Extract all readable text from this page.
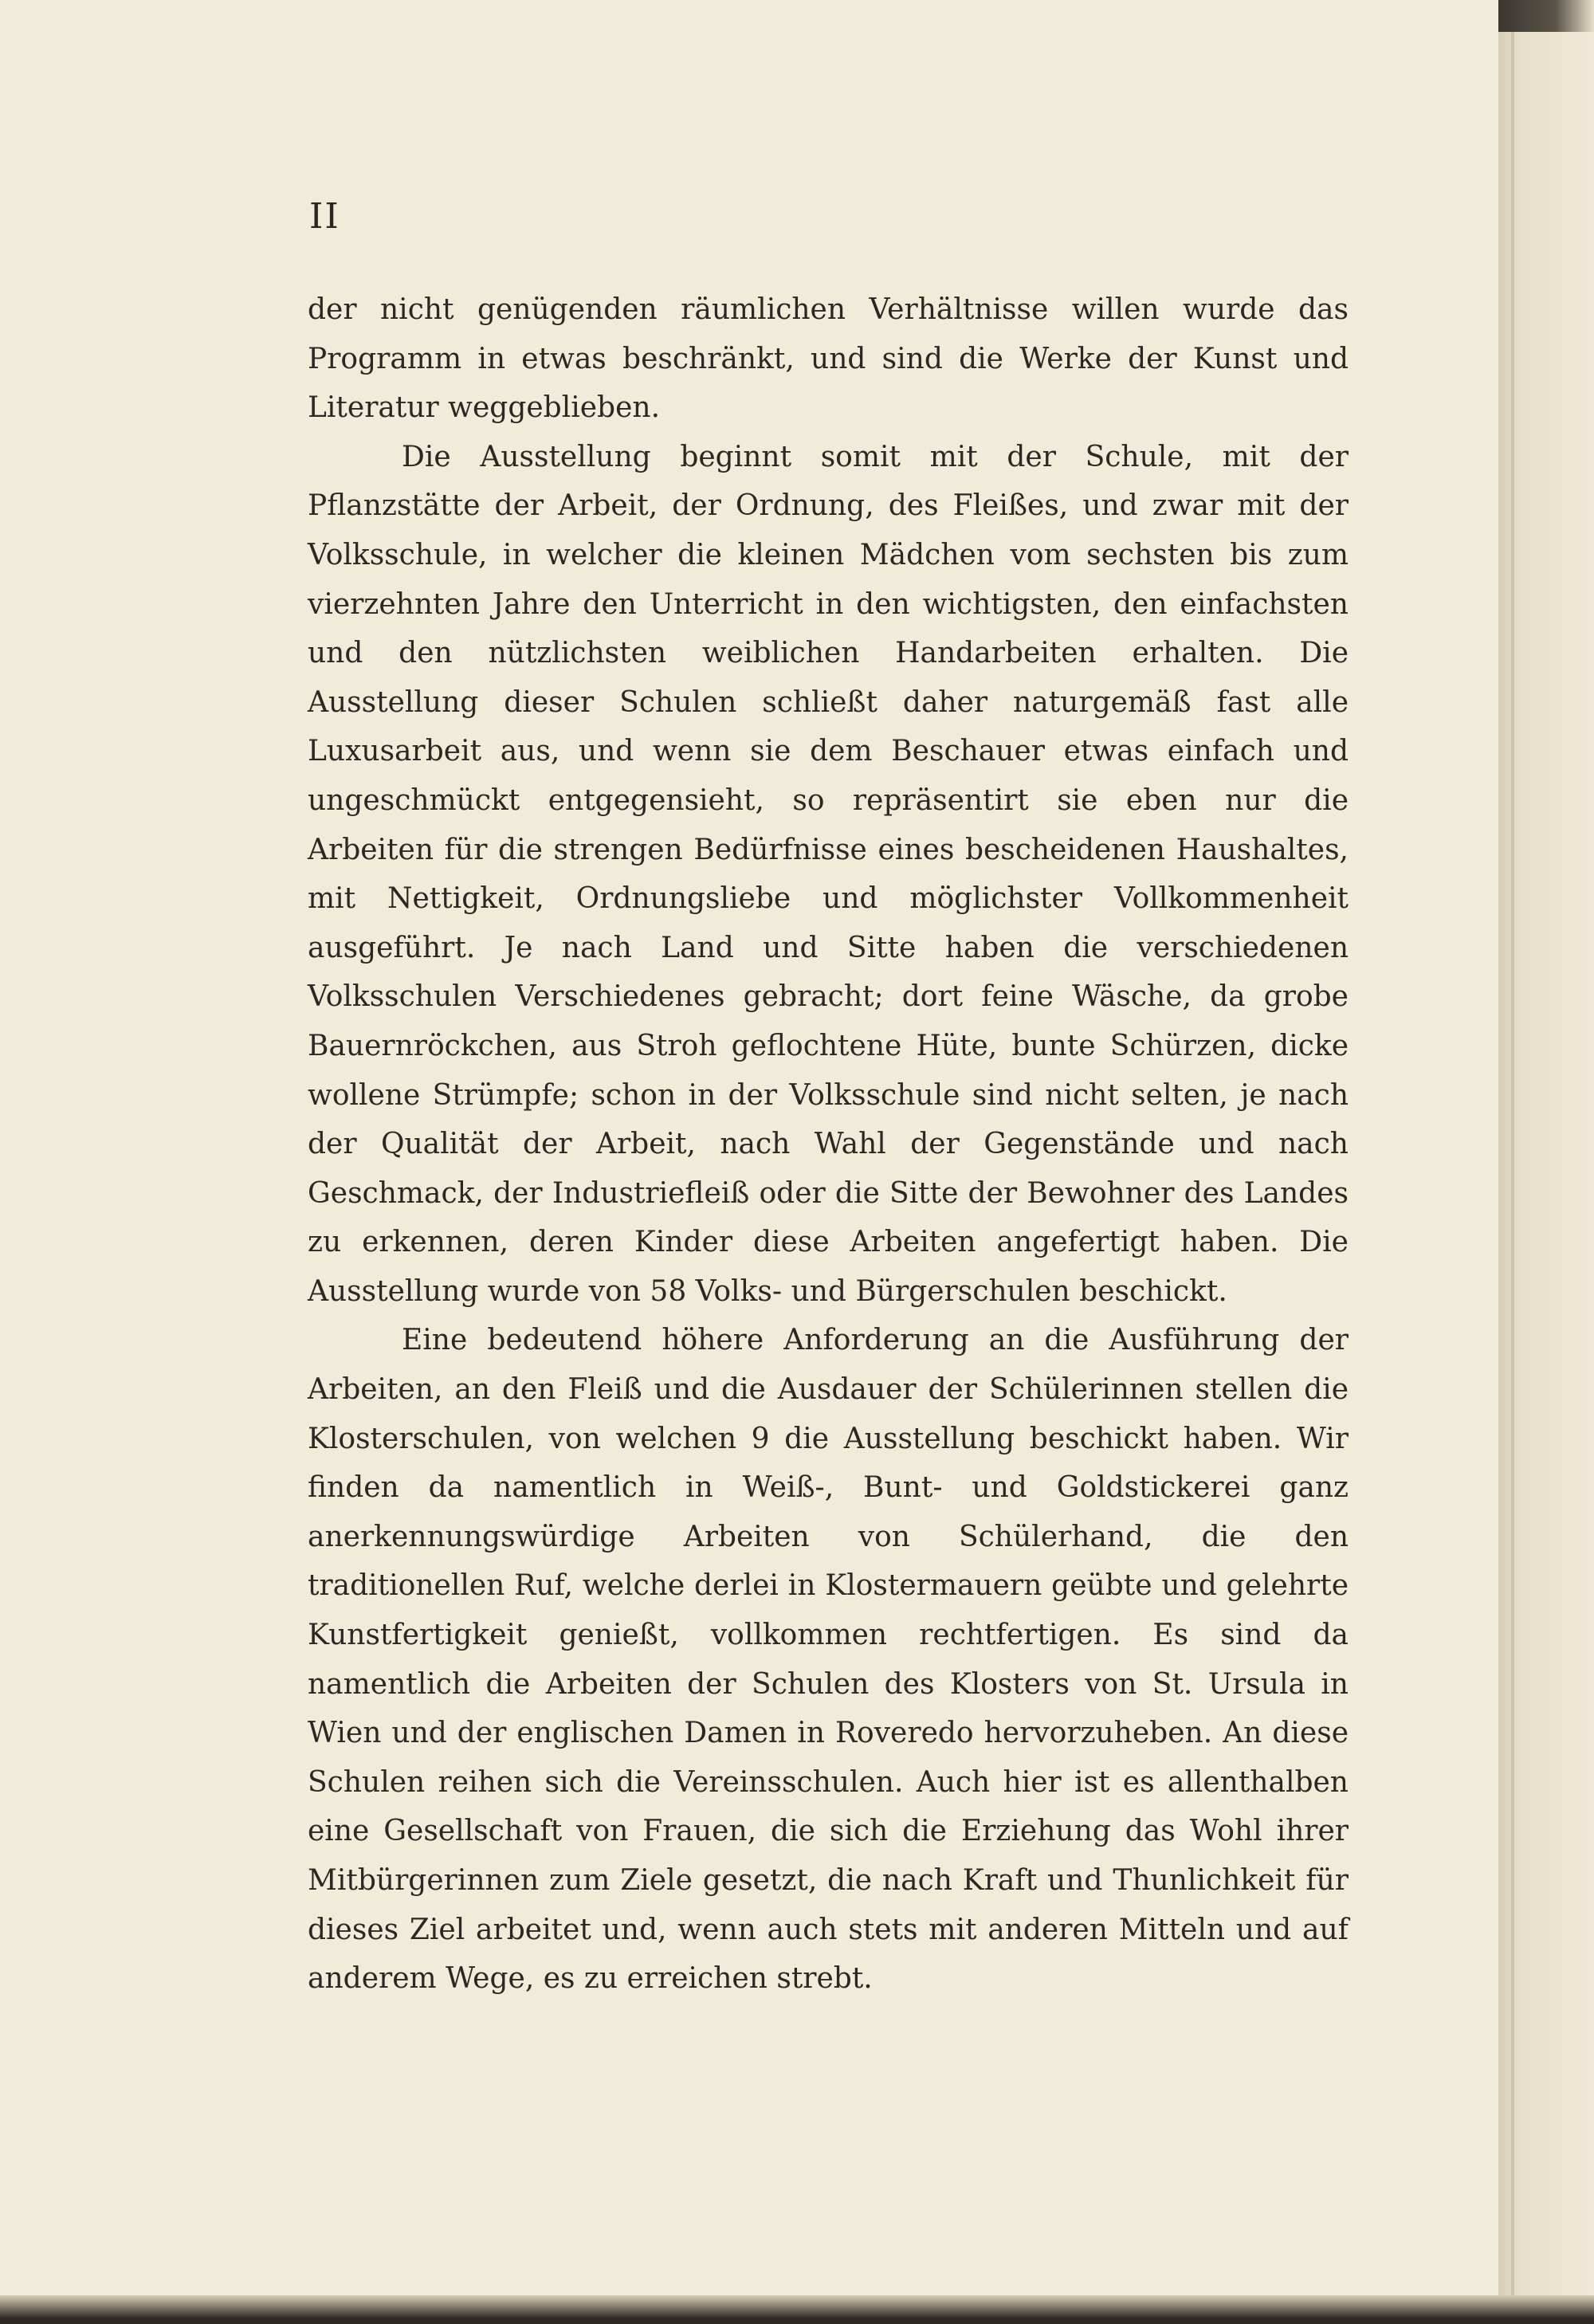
II

der nicht genügenden räumlichen Verhältnisse willen wurde das Programm in etwas beschränkt, und sind die Werke der Kunst und Literatur weggeblieben.

Die Ausstellung beginnt somit mit der Schule, mit der Pflanzstätte der Arbeit, der Ordnung, des Fleißes, und zwar mit der Volksschule, in welcher die kleinen Mädchen vom sechsten bis zum vierzehnten Jahre den Unterricht in den wichtigsten, den einfachsten und den nützlichsten weiblichen Handarbeiten erhalten. Die Ausstellung dieser Schulen schließt daher naturgemäß fast alle Luxusarbeit aus, und wenn sie dem Beschauer etwas einfach und ungeschmückt entgegensieht, so repräsentirt sie eben nur die Arbeiten für die strengen Bedürfnisse eines bescheidenen Haushaltes, mit Nettigkeit, Ordnungsliebe und möglichster Vollkommenheit ausgeführt. Je nach Land und Sitte haben die verschiedenen Volksschulen Verschiedenes gebracht; dort feine Wäsche, da grobe Bauernröckchen, aus Stroh geflochtene Hüte, bunte Schürzen, dicke wollene Strümpfe; schon in der Volksschule sind nicht selten, je nach der Qualität der Arbeit, nach Wahl der Gegenstände und nach Geschmack, der Industriefleiß oder die Sitte der Bewohner des Landes zu erkennen, deren Kinder diese Arbeiten angefertigt haben. Die Ausstellung wurde von 58 Volks- und Bürgerschulen beschickt.

Eine bedeutend höhere Anforderung an die Ausführung der Arbeiten, an den Fleiß und die Ausdauer der Schülerinnen stellen die Klosterschulen, von welchen 9 die Ausstellung beschickt haben. Wir finden da namentlich in Weiß-, Bunt- und Goldstickerei ganz anerkennungswürdige Arbeiten von Schülerhand, die den traditionellen Ruf, welche derlei in Klostermauern geübte und gelehrte Kunstfertigkeit genießt, vollkommen rechtfertigen. Es sind da namentlich die Arbeiten der Schulen des Klosters von St. Ursula in Wien und der englischen Damen in Roveredo hervorzuheben. An diese Schulen reihen sich die Vereinsschulen. Auch hier ist es allenthalben eine Gesellschaft von Frauen, die sich die Erziehung das Wohl ihrer Mitbürgerinnen zum Ziele gesetzt, die nach Kraft und Thunlichkeit für dieses Ziel arbeitet und, wenn auch stets mit anderen Mitteln und auf anderem Wege, es zu erreichen strebt.
